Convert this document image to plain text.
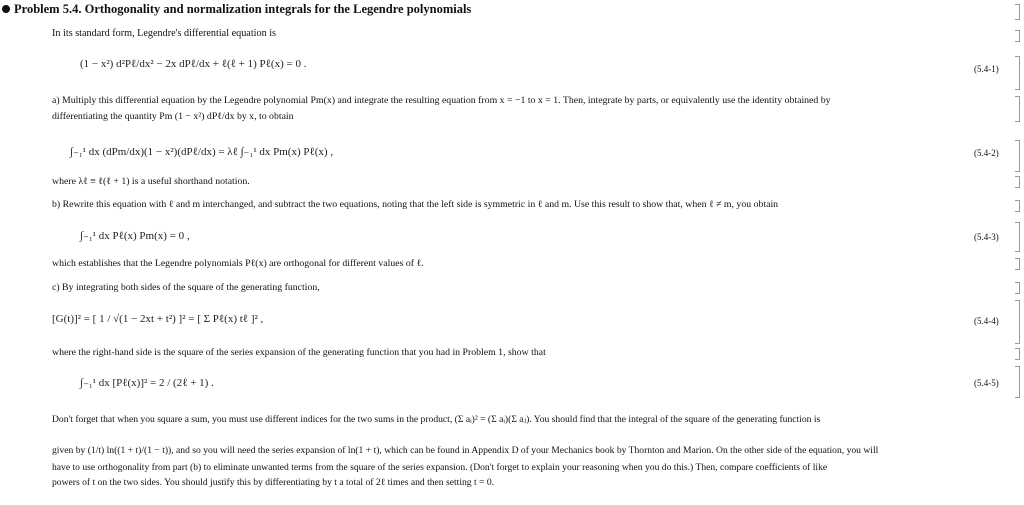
Problem 5.4. Orthogonality and normalization integrals for the Legendre polynomials
In its standard form, Legendre's differential equation is
(1 − x²) d²Pℓ/dx² − 2x dPℓ/dx + ℓ(ℓ + 1) Pℓ(x) = 0 .	(5.4-1)
a) Multiply this differential equation by the Legendre polynomial Pm(x) and integrate the resulting equation from x = −1 to x = 1. Then, integrate by parts, or equivalently use the identity obtained by
differentiating the quantity Pm (1 − x²) dPℓ/dx by x, to obtain
∫₋₁¹ dx (dPm/dx)(1 − x²)(dPℓ/dx) = λℓ ∫₋₁¹ dx Pm(x) Pℓ(x) ,	(5.4-2)
where λℓ ≡ ℓ(ℓ + 1) is a useful shorthand notation.
b) Rewrite this equation with ℓ and m interchanged, and subtract the two equations, noting that the left side is symmetric in ℓ and m. Use this result to show that, when ℓ ≠ m, you obtain
∫₋₁¹ dx Pℓ(x) Pm(x) = 0 ,	(5.4-3)
which establishes that the Legendre polynomials Pℓ(x) are orthogonal for different values of ℓ.
c) By integrating both sides of the square of the generating function,
[G(t)]² = [ 1 / √(1 − 2xt + t²) ]² = [ Σ Pℓ(x) tℓ ]² ,	(5.4-4)
where the right-hand side is the square of the series expansion of the generating function that you had in Problem 1, show that
∫₋₁¹ dx [Pℓ(x)]² = 2 / (2ℓ + 1) .	(5.4-5)
Don't forget that when you square a sum, you must use different indices for the two sums in the product, (Σ aᵢ)² = (Σ aᵢ)(Σ aⱼ). You should find that the integral of the square of the generating function is
given by (1/t) ln((1 + t)/(1 − t)), and so you will need the series expansion of ln(1 + t), which can be found in Appendix D of your Mechanics book by Thornton and Marion. On the other side of the equation, you will
have to use orthogonality from part (b) to eliminate unwanted terms from the square of the series expansion. (Don't forget to explain your reasoning when you do this.) Then, compare coefficients of like
powers of t on the two sides. You should justify this by differentiating by t a total of 2ℓ times and then setting t = 0.
